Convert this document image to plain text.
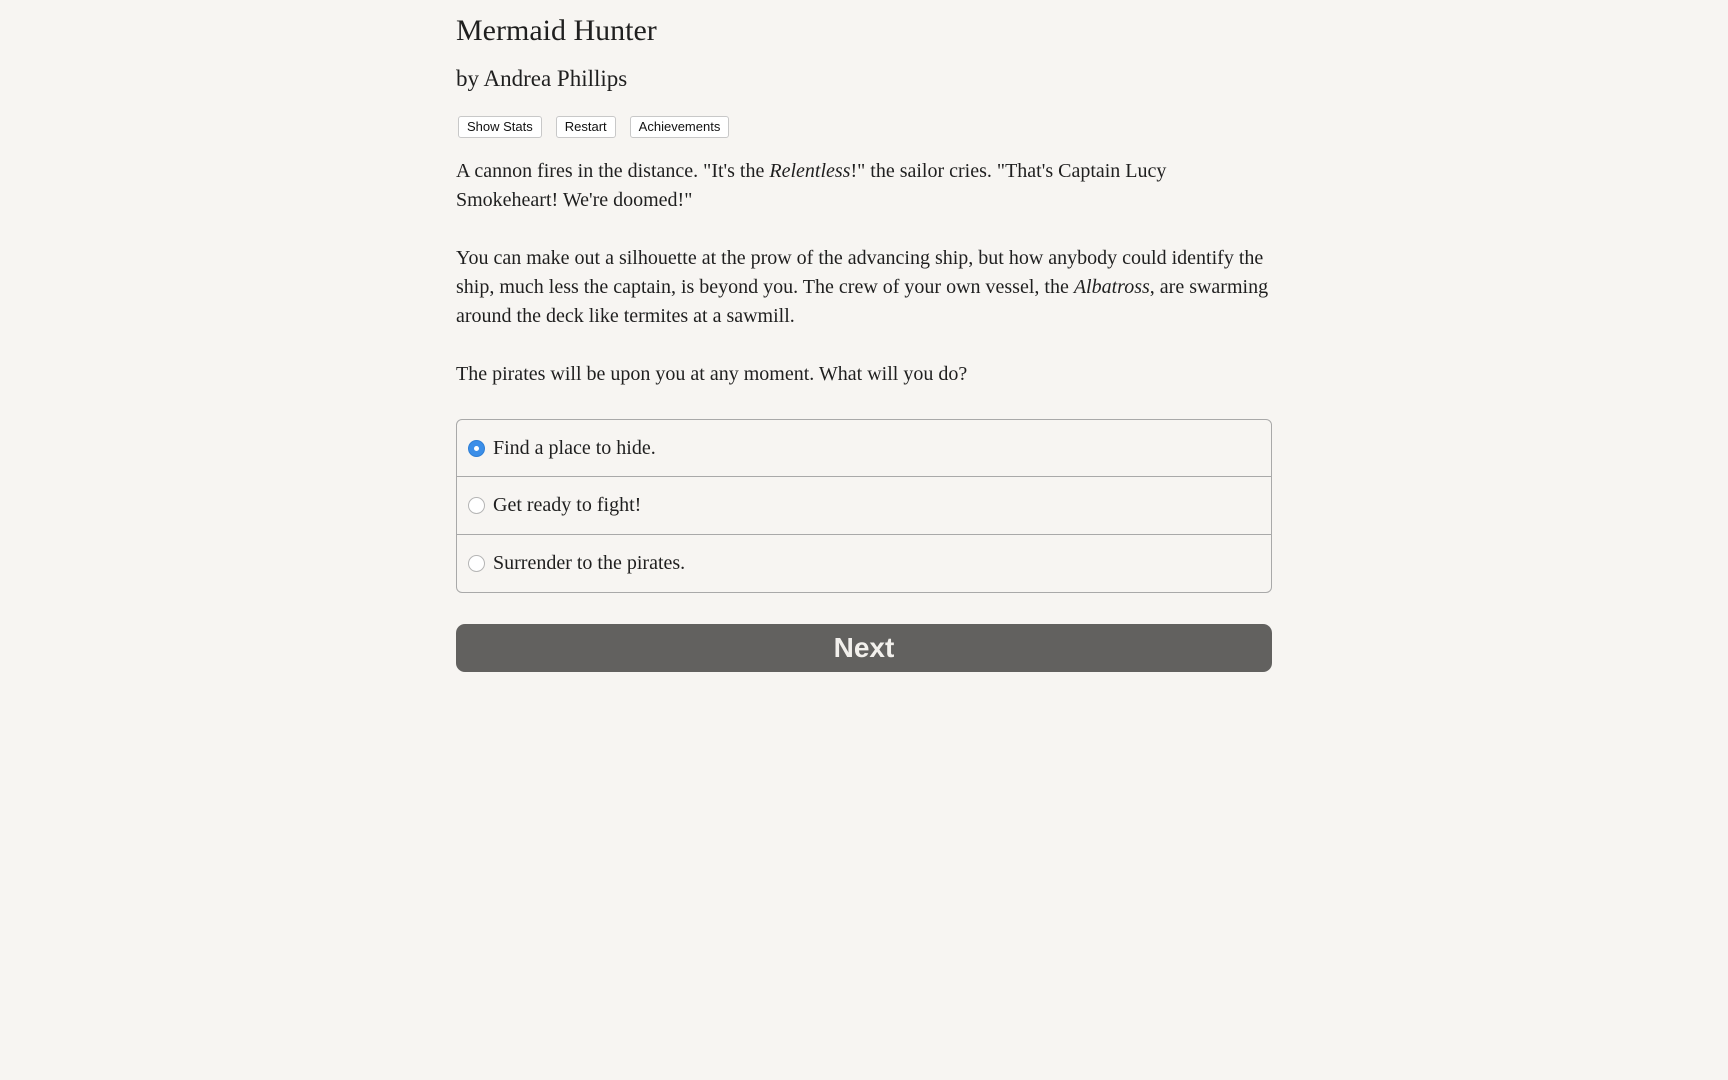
Mermaid Hunter
by Andrea Phillips
Show Stats	Restart	Achievements

A cannon fires in the distance. "It's the Relentless!" the sailor cries. "That's Captain Lucy Smokeheart! We're doomed!"

You can make out a silhouette at the prow of the advancing ship, but how anybody could identify the ship, much less the captain, is beyond you. The crew of your own vessel, the Albatross, are swarming around the deck like termites at a sawmill.

The pirates will be upon you at any moment. What will you do?

Find a place to hide.
Get ready to fight!
Surrender to the pirates.
Next
